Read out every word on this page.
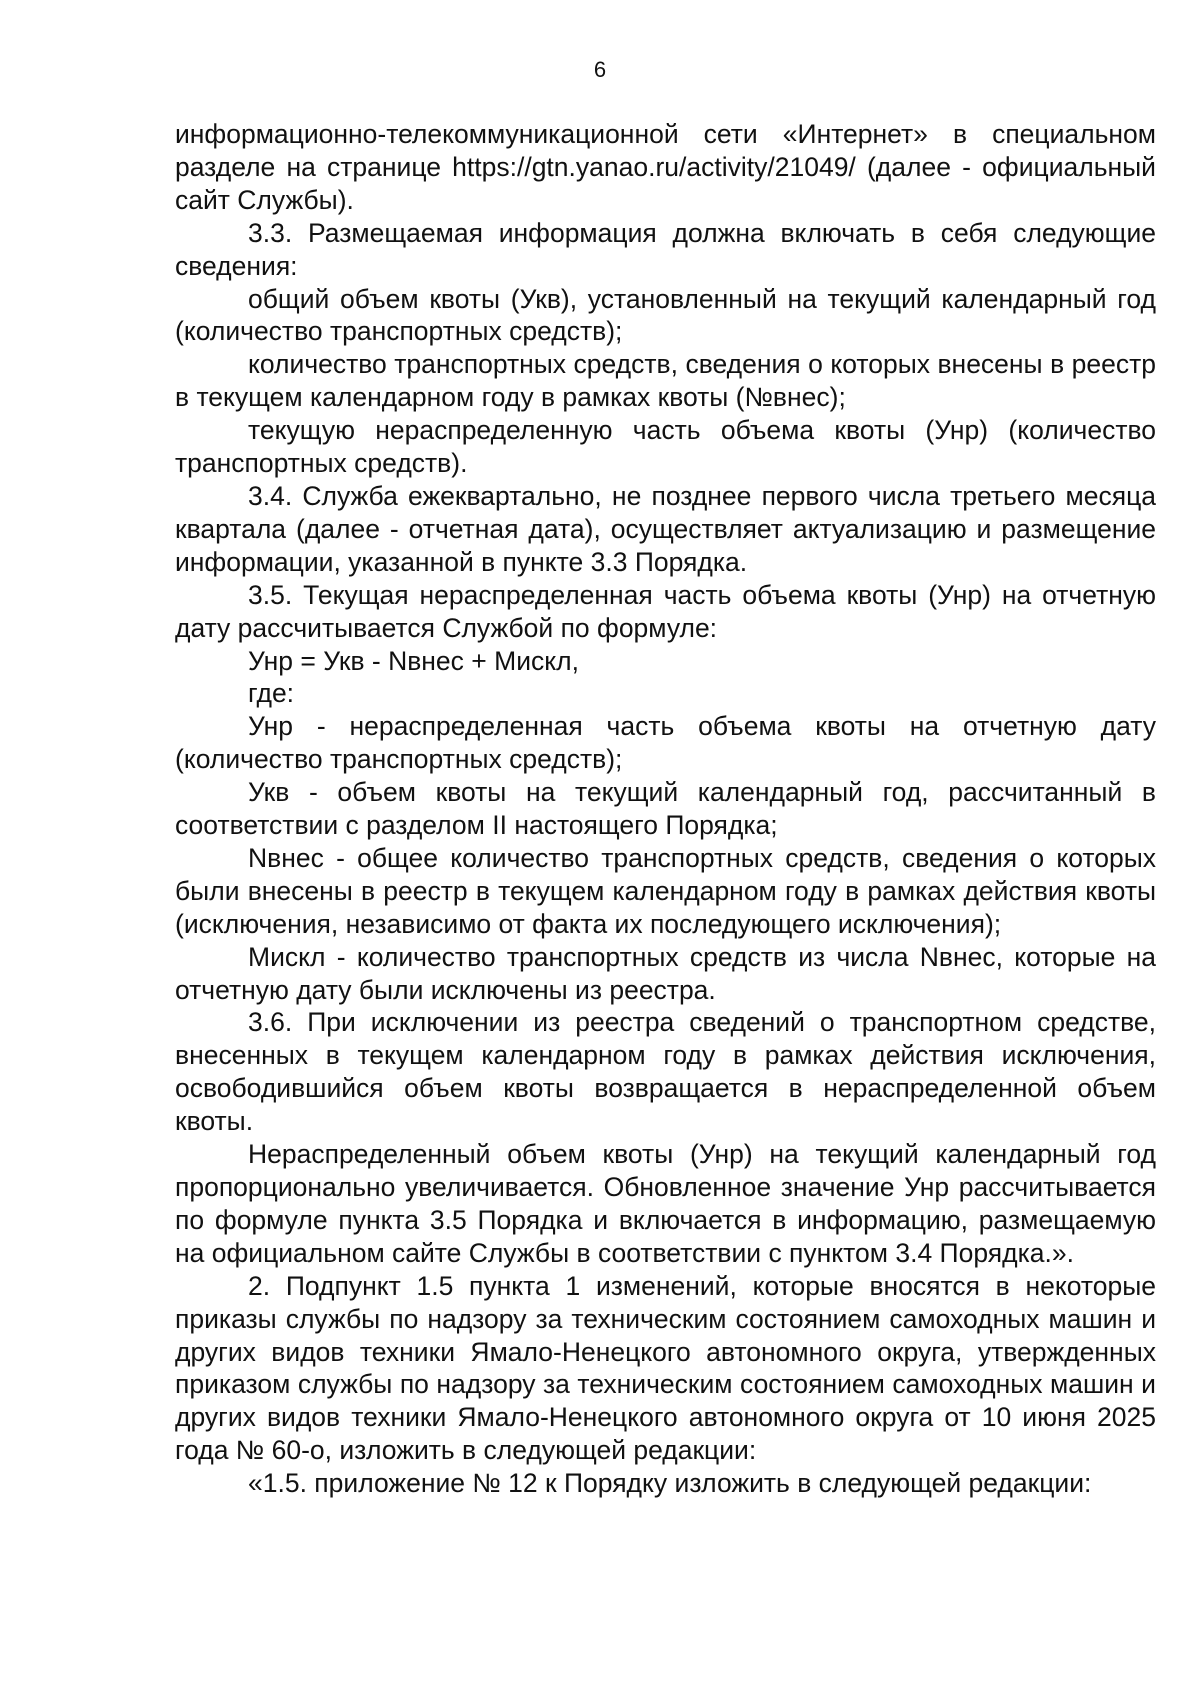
6

информационно-телекоммуникационной сети «Интернет» в специальном разделе на странице https://gtn.yanao.ru/activity/21049/ (далее - официальный сайт Службы).

3.3. Размещаемая информация должна включать в себя следующие сведения:

общий объем квоты (Укв), установленный на текущий календарный год (количество транспортных средств);

количество транспортных средств, сведения о которых внесены в реестр в текущем календарном году в рамках квоты (№внес);

текущую нераспределенную часть объема квоты (Унр) (количество транспортных средств).

3.4. Служба ежеквартально, не позднее первого числа третьего месяца квартала (далее - отчетная дата), осуществляет актуализацию и размещение информации, указанной в пункте 3.3 Порядка.

3.5. Текущая нераспределенная часть объема квоты (Унр) на отчетную дату рассчитывается Службой по формуле:

Унр = Укв - Nвнес + Мискл,

где:

Унр - нераспределенная часть объема квоты на отчетную дату (количество транспортных средств);

Укв - объем квоты на текущий календарный год, рассчитанный в соответствии с разделом II настоящего Порядка;

Nвнес - общее количество транспортных средств, сведения о которых были внесены в реестр в текущем календарном году в рамках действия квоты (исключения, независимо от факта их последующего исключения);

Мискл - количество транспортных средств из числа Nвнес, которые на отчетную дату были исключены из реестра.

3.6. При исключении из реестра сведений о транспортном средстве, внесенных в текущем календарном году в рамках действия исключения, освободившийся объем квоты возвращается в нераспределенной объем квоты.

Нераспределенный объем квоты (Унр) на текущий календарный год пропорционально увеличивается. Обновленное значение Унр рассчитывается по формуле пункта 3.5 Порядка и включается в информацию, размещаемую на официальном сайте Службы в соответствии с пунктом 3.4 Порядка.».

2. Подпункт 1.5 пункта 1 изменений, которые вносятся в некоторые приказы службы по надзору за техническим состоянием самоходных машин и других видов техники Ямало-Ненецкого автономного округа, утвержденных приказом службы по надзору за техническим состоянием самоходных машин и других видов техники Ямало-Ненецкого автономного округа от 10 июня 2025 года № 60-о, изложить в следующей редакции:

«1.5. приложение № 12 к Порядку изложить в следующей редакции:
